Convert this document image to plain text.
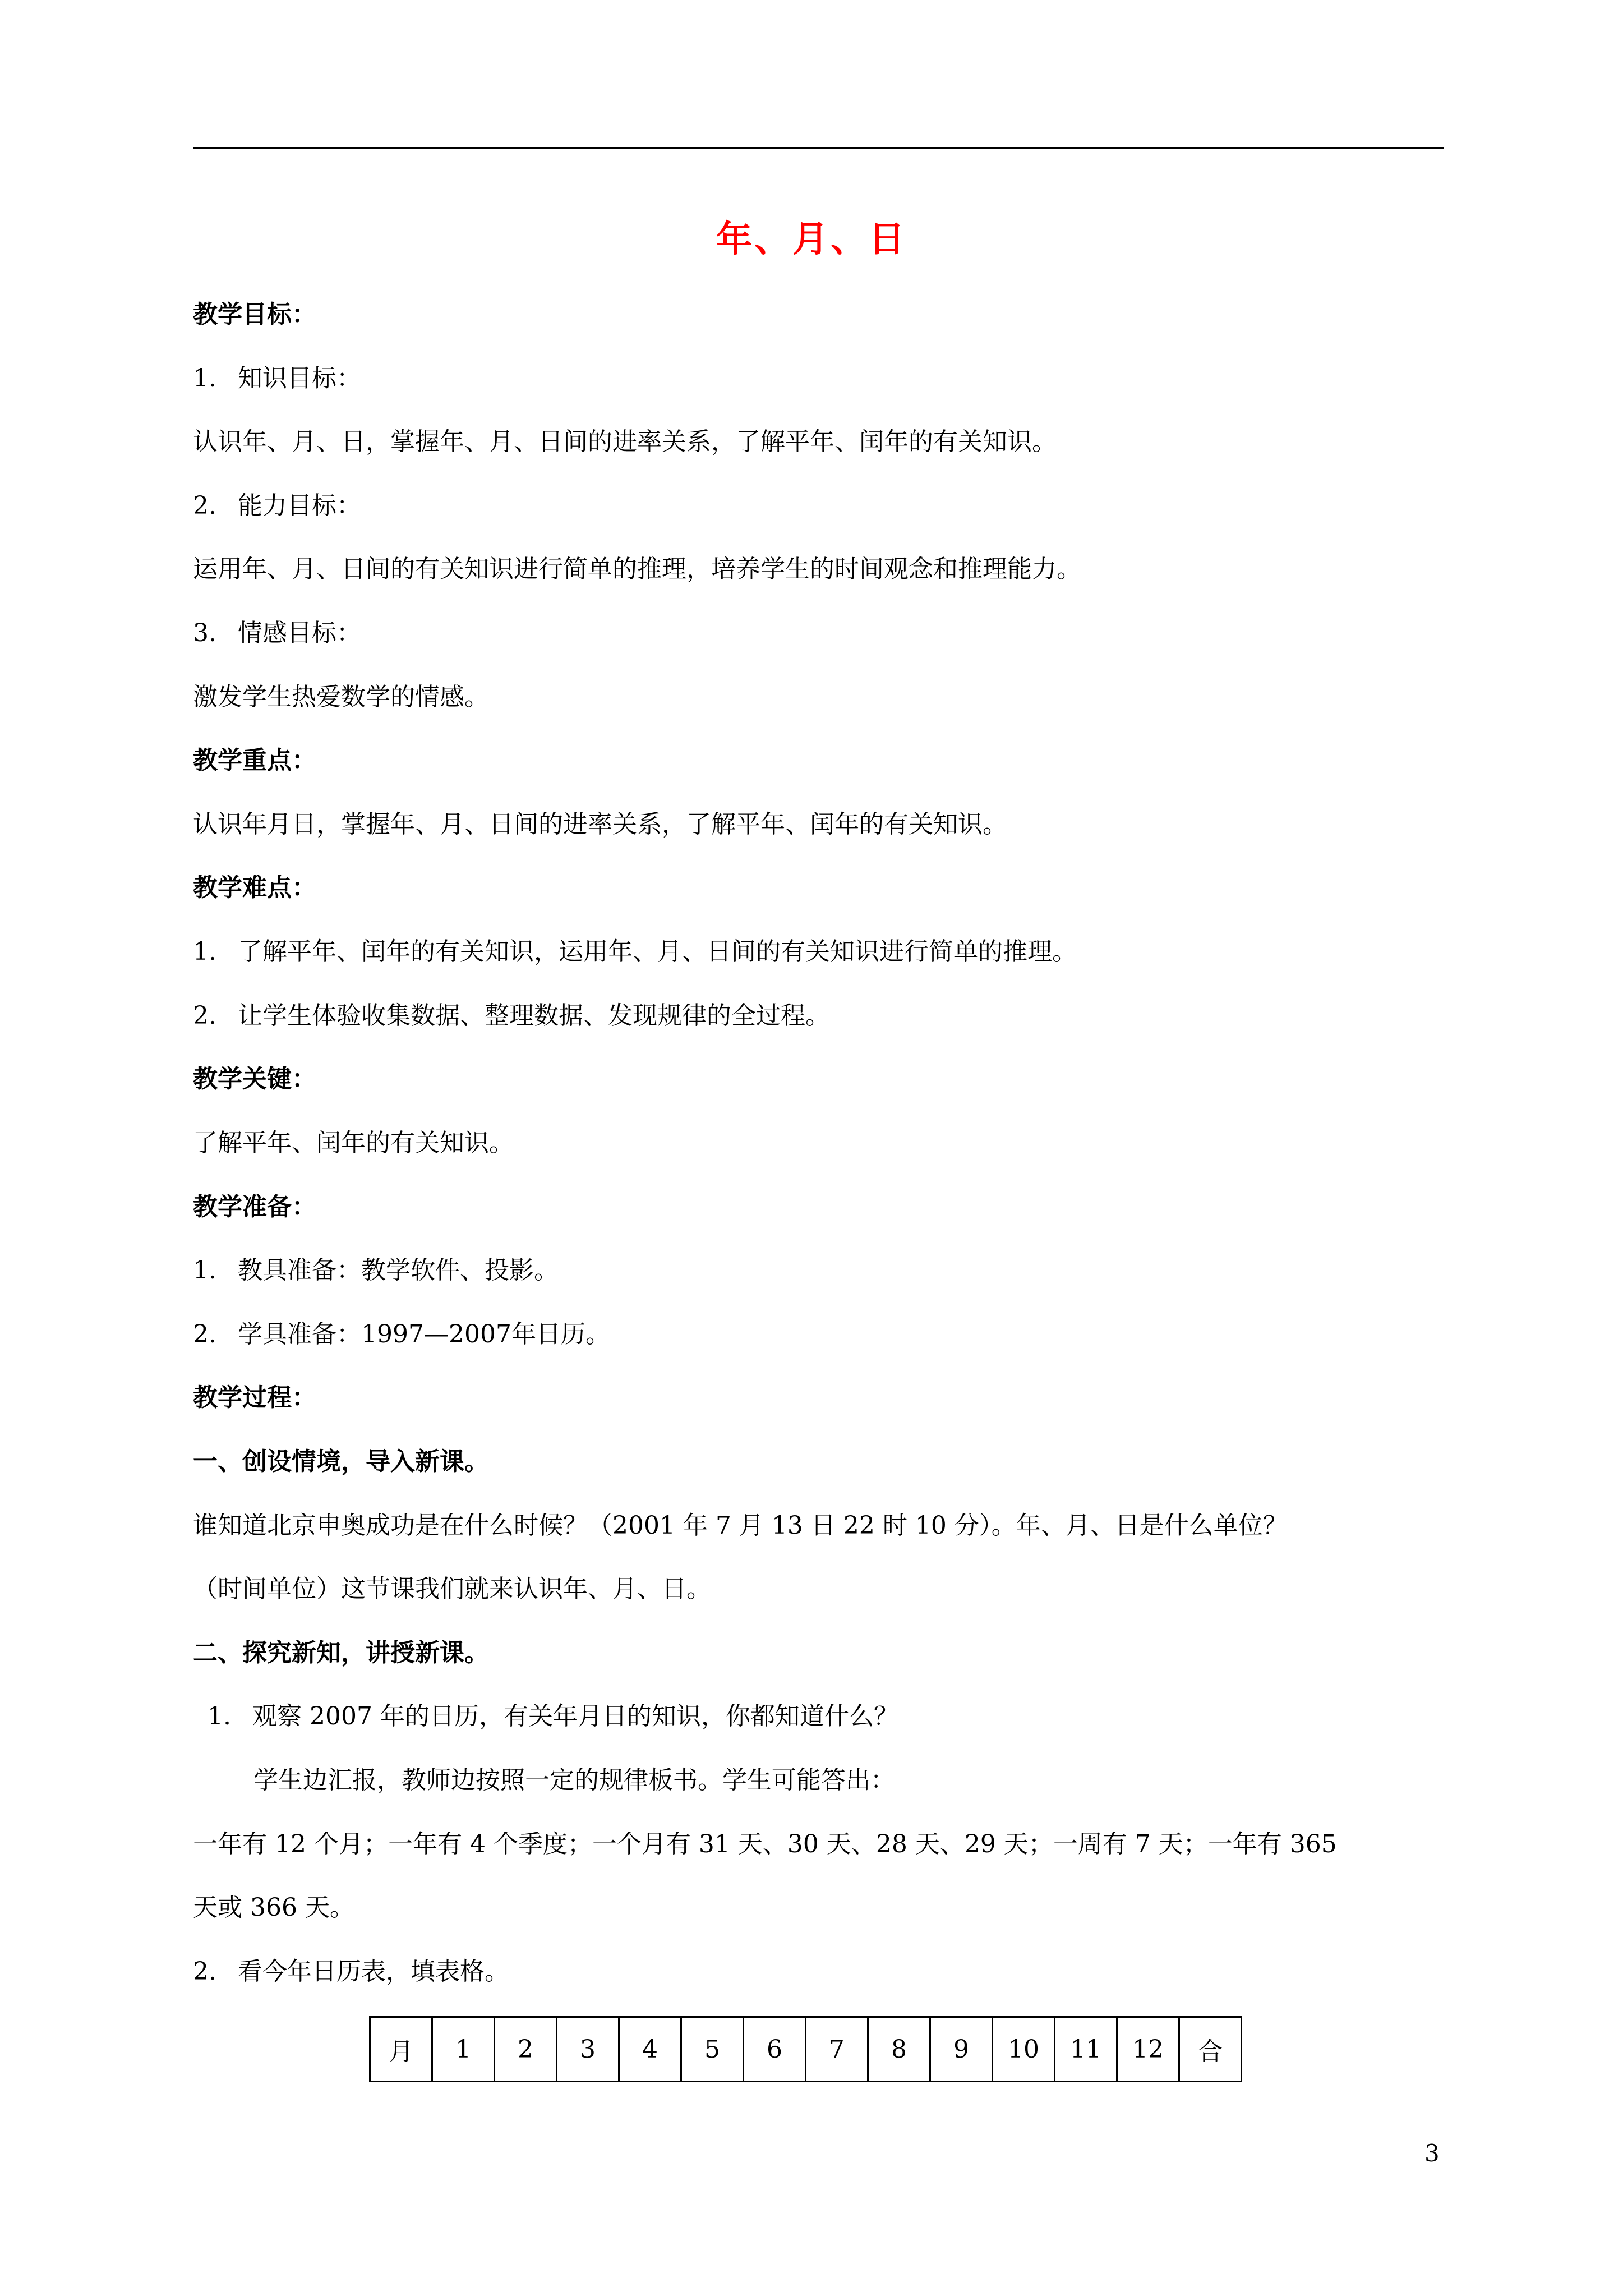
年、月、日
教学目标：
1. 知识目标：
认识年、月、日，掌握年、月、日间的进率关系，了解平年、闰年的有关知识。
2. 能力目标：
运用年、月、日间的有关知识进行简单的推理，培养学生的时间观念和推理能力。
3. 情感目标：
激发学生热爱数学的情感。
教学重点：
认识年月日，掌握年、月、日间的进率关系，了解平年、闰年的有关知识。
教学难点：
1. 了解平年、闰年的有关知识，运用年、月、日间的有关知识进行简单的推理。
2. 让学生体验收集数据、整理数据、发现规律的全过程。
教学关键：
了解平年、闰年的有关知识。
教学准备：
1. 教具准备：教学软件、投影。
2. 学具准备：1997—2007年日历。
教学过程：
一、创设情境，导入新课。
谁知道北京申奥成功是在什么时候？（2001 年 7 月 13 日 22 时 10 分）。年、月、日是什么单位？
（时间单位）这节课我们就来认识年、月、日。
二、探究新知，讲授新课。
1. 观察 2007 年的日历，有关年月日的知识，你都知道什么？
学生边汇报，教师边按照一定的规律板书。学生可能答出：
一年有 12 个月；一年有 4 个季度；一个月有 31 天、30 天、28 天、29 天；一周有 7 天；一年有 365
天或 366 天。
2. 看今年日历表，填表格。
月	1	2	3	4	5	6	7	8	9	10	11	12	合
3
